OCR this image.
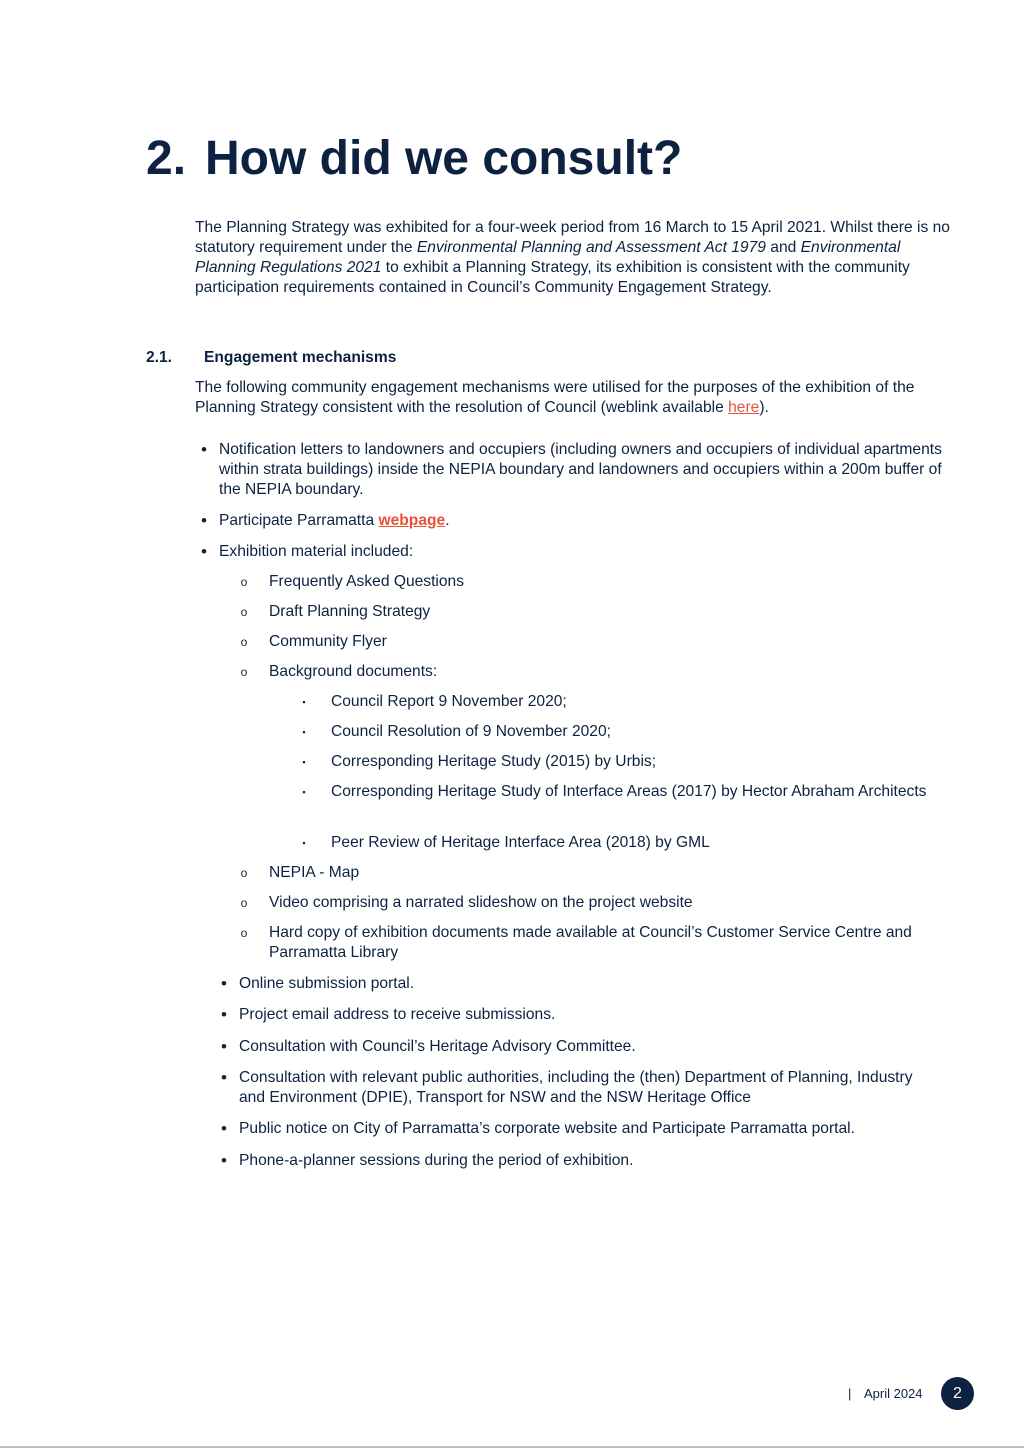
2. How did we consult?

The Planning Strategy was exhibited for a four-week period from 16 March to 15 April 2021. Whilst there is no statutory requirement under the Environmental Planning and Assessment Act 1979 and Environmental Planning Regulations 2021 to exhibit a Planning Strategy, its exhibition is consistent with the community participation requirements contained in Council’s Community Engagement Strategy.

2.1. Engagement mechanisms

The following community engagement mechanisms were utilised for the purposes of the exhibition of the Planning Strategy consistent with the resolution of Council (weblink available here).

• Notification letters to landowners and occupiers (including owners and occupiers of individual apartments within strata buildings) inside the NEPIA boundary and landowners and occupiers within a 200m buffer of the NEPIA boundary.

• Participate Parramatta webpage.

• Exhibition material included:

o Frequently Asked Questions

o Draft Planning Strategy

o Community Flyer

o Background documents:

▪	Council Report 9 November 2020;

▪	Council Resolution of 9 November 2020;

▪	Corresponding Heritage Study (2015) by Urbis;

▪	Corresponding Heritage Study of Interface Areas (2017) by Hector Abraham Architects

▪	Peer Review of Heritage Interface Area (2018) by GML

o NEPIA - Map

o Video comprising a narrated slideshow on the project website

o Hard copy of exhibition documents made available at Council’s Customer Service Centre and Parramatta Library

• Online submission portal.

• Project email address to receive submissions.

• Consultation with Council’s Heritage Advisory Committee.

• Consultation with relevant public authorities, including the (then) Department of Planning, Industry and Environment (DPIE), Transport for NSW and the NSW Heritage Office

• Public notice on City of Parramatta’s corporate website and Participate Parramatta portal.

• Phone-a-planner sessions during the period of exhibition.

| April 2024	2
